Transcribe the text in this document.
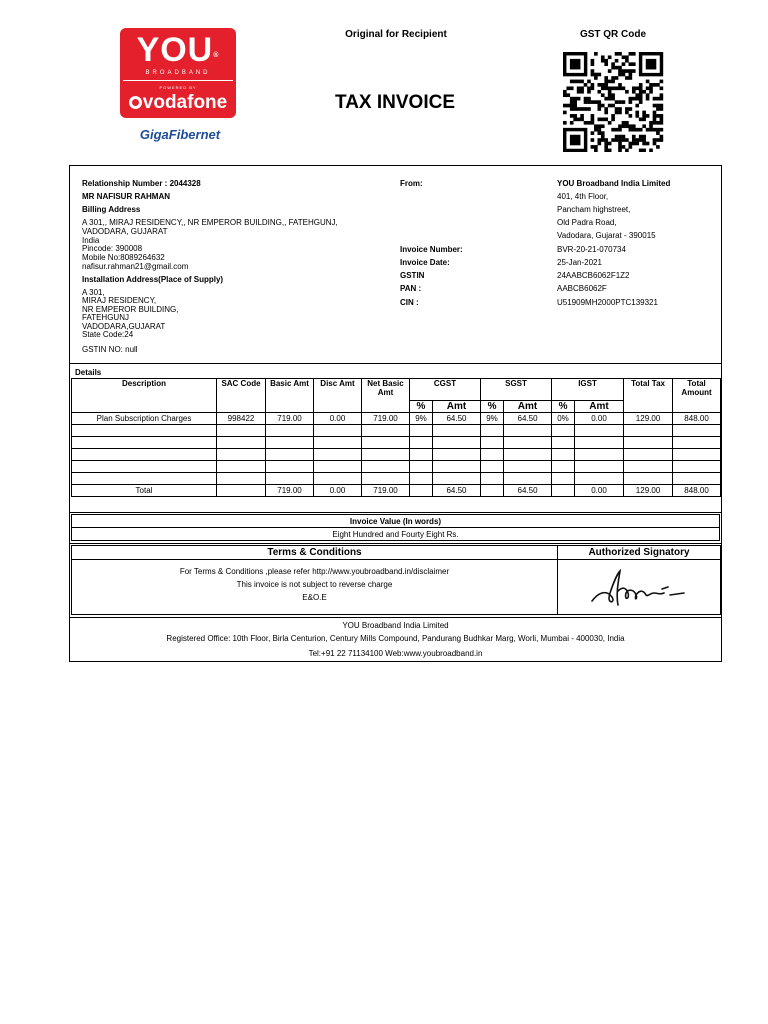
YOU®
BROADBAND
POWERED BY
vodafone
GigaFibernet
Original for Recipient	GST QR Code
TAX INVOICE
Relationship Number : 2044328
MR NAFISUR RAHMAN
Billing Address
A 301,, MIRAJ RESIDENCY,, NR EMPEROR BUILDING,, FATEHGUNJ,
VADODARA, GUJARAT
India
Pincode: 390008
Mobile No:8089264632
nafisur.rahman21@gmail.com
Installation Address(Place of Supply)
A 301,
MIRAJ RESIDENCY,
NR EMPEROR BUILDING,
FATEHGUNJ
VADODARA,GUJARAT
State Code:24
GSTIN NO: null
From:	YOU Broadband India Limited
401, 4th Floor,
Pancham highstreet,
Old Padra Road,
Vadodara, Gujarat - 390015
Invoice Number:	BVR-20-21-070734
Invoice Date:	25-Jan-2021
GSTIN	24AABCB6062F1Z2
PAN :	AABCB6062F
CIN :	U51909MH2000PTC139321
Details
Description	SAC Code	Basic Amt	Disc Amt	Net Basic Amt	CGST		SGST		IGST		Total Tax	Total Amount
					%	Amt	%	Amt	%	Amt		
Plan Subscription Charges	998422	719.00	0.00	719.00	9%	64.50	9%	64.50	0%	0.00	129.00	848.00

Total		719.00	0.00	719.00		64.50		64.50		0.00	129.00	848.00
Invoice Value (In words)
Eight Hundred and Fourty Eight Rs.
Terms & Conditions	Authorized Signatory

For Terms & Conditions ,please refer http://www.youbroadband.in/disclaimer
This invoice is not subject to reverse charge
E&O.E

YOU Broadband India Limited
Registered Office: 10th Floor, Birla Centurion, Century Mills Compound, Pandurang Budhkar Marg, Worli, Mumbai - 400030, India
Tel:+91 22 71134100 Web:www.youbroadband.in
